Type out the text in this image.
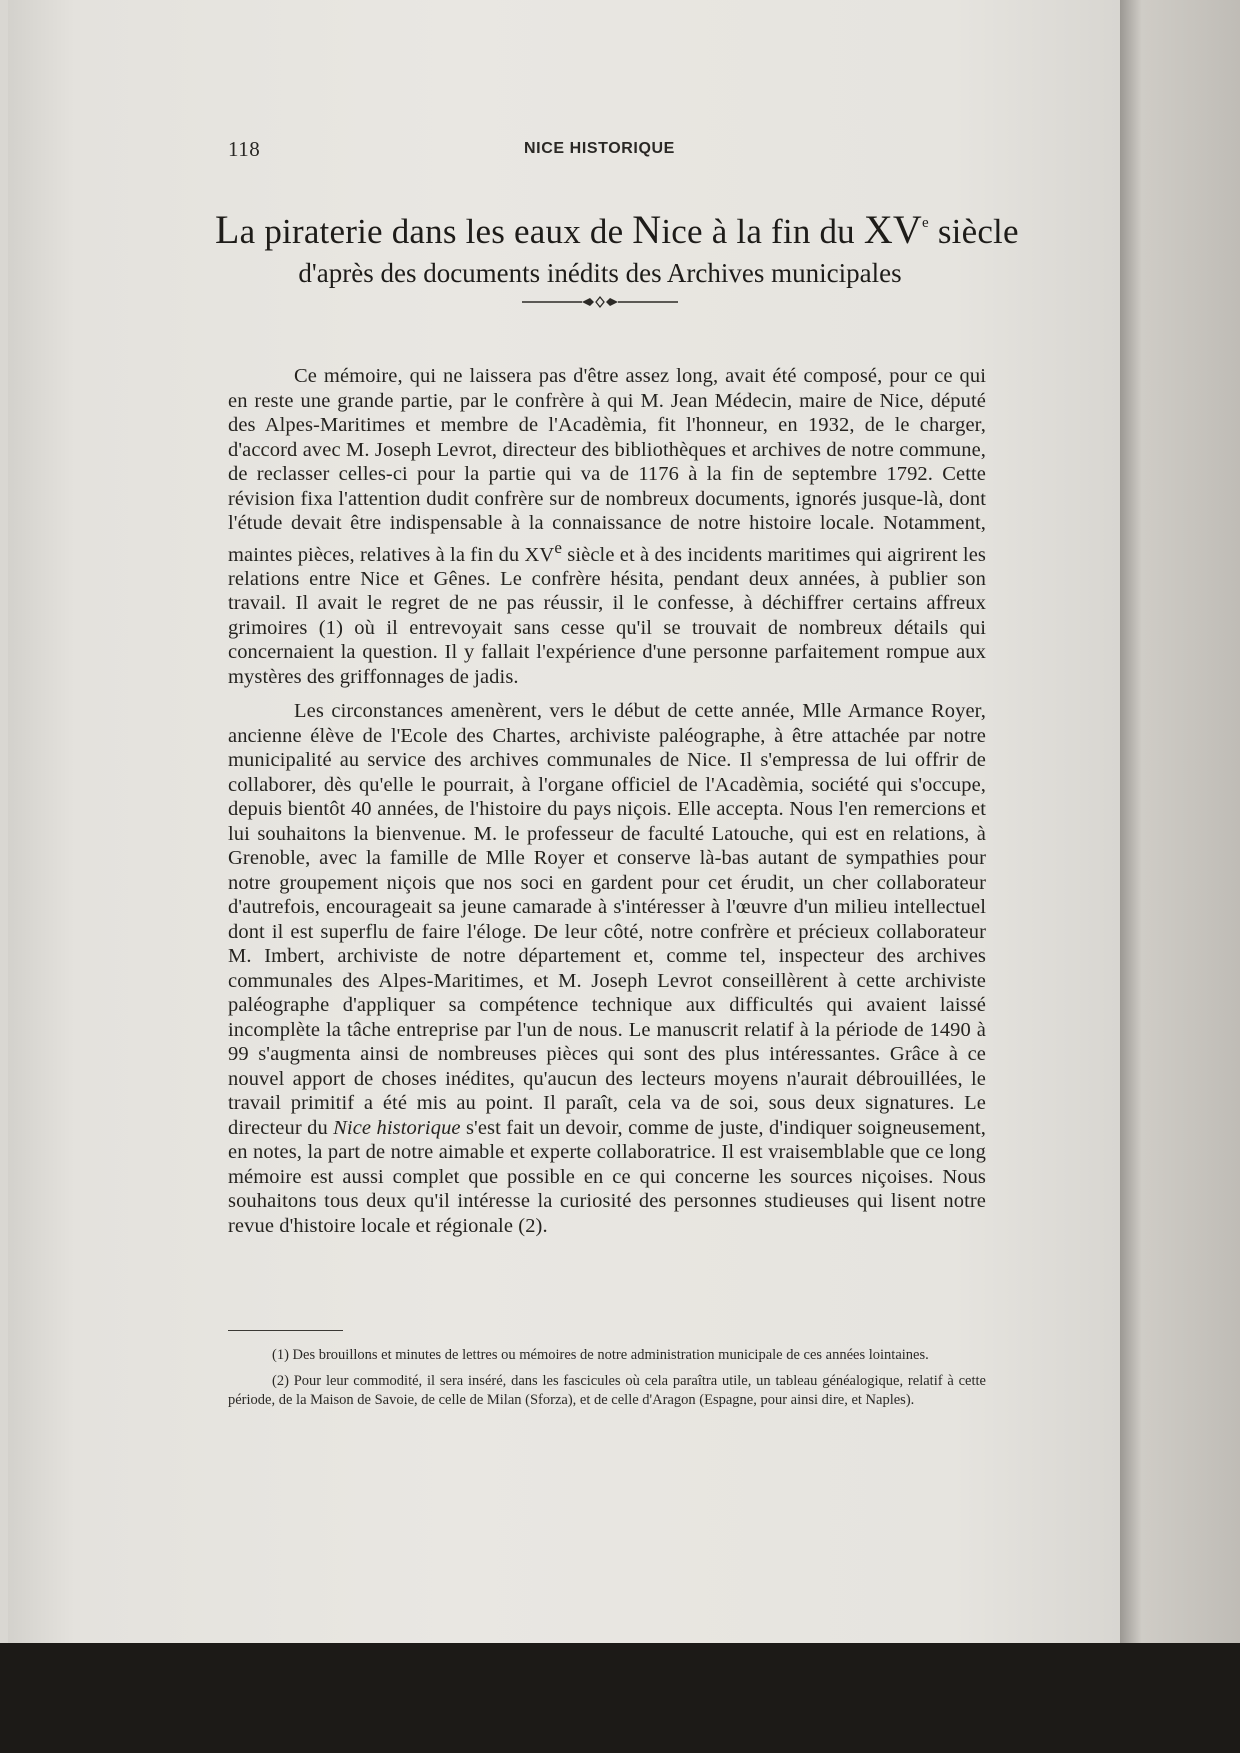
118	NICE HISTORIQUE
La piraterie dans les eaux de Nice à la fin du XVe siècle
d'après des documents inédits des Archives municipales

Ce mémoire, qui ne laissera pas d'être assez long, avait été composé, pour ce qui en reste une grande partie, par le confrère à qui M. Jean Médecin, maire de Nice, député des Alpes-Maritimes et membre de l'Acadèmia, fit l'honneur, en 1932, de le charger, d'accord avec M. Joseph Levrot, directeur des bibliothèques et archives de notre commune, de reclasser celles-ci pour la partie qui va de 1176 à la fin de septembre 1792. Cette révision fixa l'attention dudit confrère sur de nombreux documents, ignorés jusque-là, dont l'étude devait être indispensable à la connaissance de notre histoire locale. Notamment, maintes pièces, relatives à la fin du XVe siècle et à des incidents maritimes qui aigrirent les relations entre Nice et Gênes. Le confrère hésita, pendant deux années, à publier son travail. Il avait le regret de ne pas réussir, il le confesse, à déchiffrer certains affreux grimoires (1) où il entrevoyait sans cesse qu'il se trouvait de nombreux détails qui concernaient la question. Il y fallait l'expérience d'une personne parfaitement rompue aux mystères des griffonnages de jadis.

Les circonstances amenèrent, vers le début de cette année, Mlle Armance Royer, ancienne élève de l'Ecole des Chartes, archiviste paléographe, à être attachée par notre municipalité au service des archives communales de Nice. Il s'empressa de lui offrir de collaborer, dès qu'elle le pourrait, à l'organe officiel de l'Acadèmia, société qui s'occupe, depuis bientôt 40 années, de l'histoire du pays niçois. Elle accepta. Nous l'en remercions et lui souhaitons la bienvenue. M. le professeur de faculté Latouche, qui est en relations, à Grenoble, avec la famille de Mlle Royer et conserve là-bas autant de sympathies pour notre groupement niçois que nos soci en gardent pour cet érudit, un cher collaborateur d'autrefois, encourageait sa jeune camarade à s'intéresser à l'œuvre d'un milieu intellectuel dont il est superflu de faire l'éloge. De leur côté, notre confrère et précieux collaborateur M. Imbert, archiviste de notre département et, comme tel, inspecteur des archives communales des Alpes-Maritimes, et M. Joseph Levrot conseillèrent à cette archiviste paléographe d'appliquer sa compétence technique aux difficultés qui avaient laissé incomplète la tâche entreprise par l'un de nous. Le manuscrit relatif à la période de 1490 à 99 s'augmenta ainsi de nombreuses pièces qui sont des plus intéressantes. Grâce à ce nouvel apport de choses inédites, qu'aucun des lecteurs moyens n'aurait débrouillées, le travail primitif a été mis au point. Il paraît, cela va de soi, sous deux signatures. Le directeur du Nice historique s'est fait un devoir, comme de juste, d'indiquer soigneusement, en notes, la part de notre aimable et experte collaboratrice. Il est vraisemblable que ce long mémoire est aussi complet que possible en ce qui concerne les sources niçoises. Nous souhaitons tous deux qu'il intéresse la curiosité des personnes studieuses qui lisent notre revue d'histoire locale et régionale (2).

(1) Des brouillons et minutes de lettres ou mémoires de notre administration municipale de ces années lointaines.

(2) Pour leur commodité, il sera inséré, dans les fascicules où cela paraîtra utile, un tableau généalogique, relatif à cette période, de la Maison de Savoie, de celle de Milan (Sforza), et de celle d'Aragon (Espagne, pour ainsi dire, et Naples).
